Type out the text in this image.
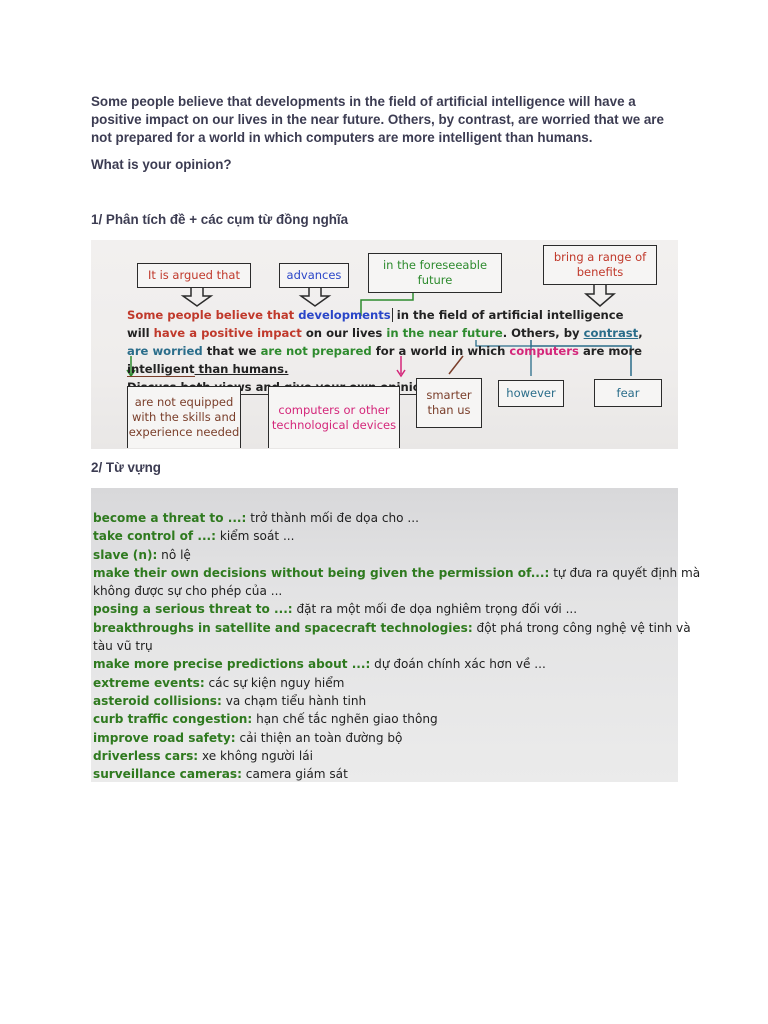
Some people believe that developments in the field of artificial intelligence will have a positive impact on our lives in the near future. Others, by contrast, are worried that we are not prepared for a world in which computers are more intelligent than humans.

What is your opinion?
1/ Phân tích đề + các cụm từ đồng nghĩa
It is argued that	advances
in the foreseeable
future
bring a range of
benefits
Some people believe that developments in the field of artificial intelligence will have a positive impact on our lives in the near future. Others, by contrast, are worried that we are not prepared for a world in which computers are more intelligent than humans.
opinion.
are not equipped
with the skills and
experience needed
computers or other
technological devices
smarter
than us
however	fear
2/ Từ vựng
become a threat to ...: trở thành mối đe dọa cho ...
take control of ...: kiểm soát ...
slave (n): nô lệ
make their own decisions without being given the permission of...: tự đưa ra quyết định mà
không được sự cho phép của ...
posing a serious threat to ...: đặt ra một mối đe dọa nghiêm trọng đối với ...
breakthroughs in satellite and spacecraft technologies: đột phá trong công nghệ vệ tinh và
tàu vũ trụ
make more precise predictions about ...: dự đoán chính xác hơn về ...
extreme events: các sự kiện nguy hiểm
asteroid collisions: va chạm tiểu hành tinh
curb traffic congestion: hạn chế tắc nghẽn giao thông
improve road safety: cải thiện an toàn đường bộ
driverless cars: xe không người lái
surveillance cameras: camera giám sát
